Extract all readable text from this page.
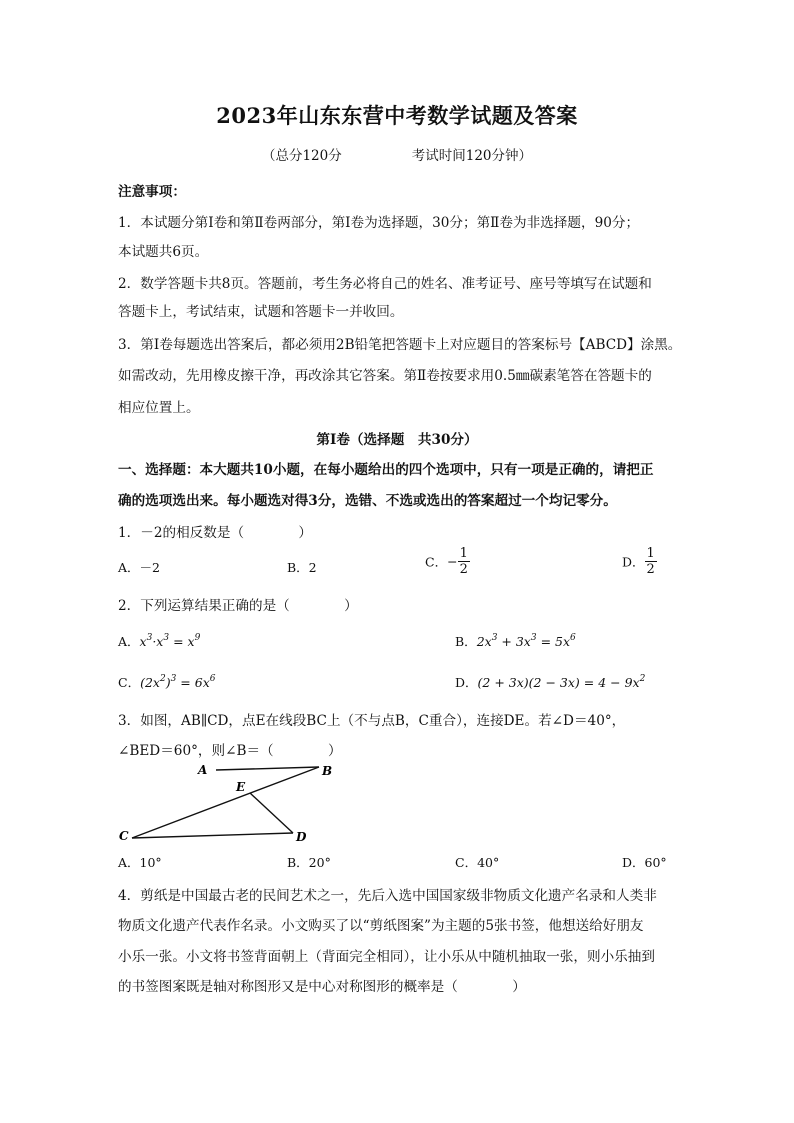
2023年山东东营中考数学试题及答案
（总分120分	考试时间120分钟）
注意事项：
1．本试题分第Ⅰ卷和第Ⅱ卷两部分，第Ⅰ卷为选择题，30分；第Ⅱ卷为非选择题，90分；
本试题共6页。
2．数学答题卡共8页。答题前，考生务必将自己的姓名、准考证号、座号等填写在试题和
答题卡上，考试结束，试题和答题卡一并收回。
3．第Ⅰ卷每题选出答案后，都必须用2B铅笔把答题卡上对应题目的答案标号【ABCD】涂黑。
如需改动，先用橡皮擦干净，再改涂其它答案。第Ⅱ卷按要求用0.5㎜碳素笔答在答题卡的
相应位置上。
第Ⅰ卷（选择题　共30分）
一、选择题：本大题共10小题，在每小题给出的四个选项中，只有一项是正确的，请把正
确的选项选出来。每小题选对得3分，选错、不选或选出的答案超过一个均记零分。
1．－2的相反数是（　　　　）
A．－2	B．2	C．− $\frac{1}{2}$	D． $\frac{1}{2}$
2．下列运算结果正确的是（　　　　）
A．$x^3\cdot x^3 = x^9$	B．$2x^3 + 3x^3 = 5x^6$
C．$(2x^2)^3 = 6x^6$	D．$(2 + 3x)(2 - 3x) = 4 - 9x^2$
3．如图，AB∥CD，点E在线段BC上（不与点B，C重合），连接DE。若∠D＝40°，
∠BED＝60°，则∠B＝（　　　　）
A	B
E
C	D
A．10°	B．20°	C．40°	D．60°
4．剪纸是中国最古老的民间艺术之一，先后入选中国国家级非物质文化遗产名录和人类非
物质文化遗产代表作名录。小文购买了以“剪纸图案”为主题的5张书签，他想送给好朋友
小乐一张。小文将书签背面朝上（背面完全相同），让小乐从中随机抽取一张，则小乐抽到
的书签图案既是轴对称图形又是中心对称图形的概率是（　　　　）
